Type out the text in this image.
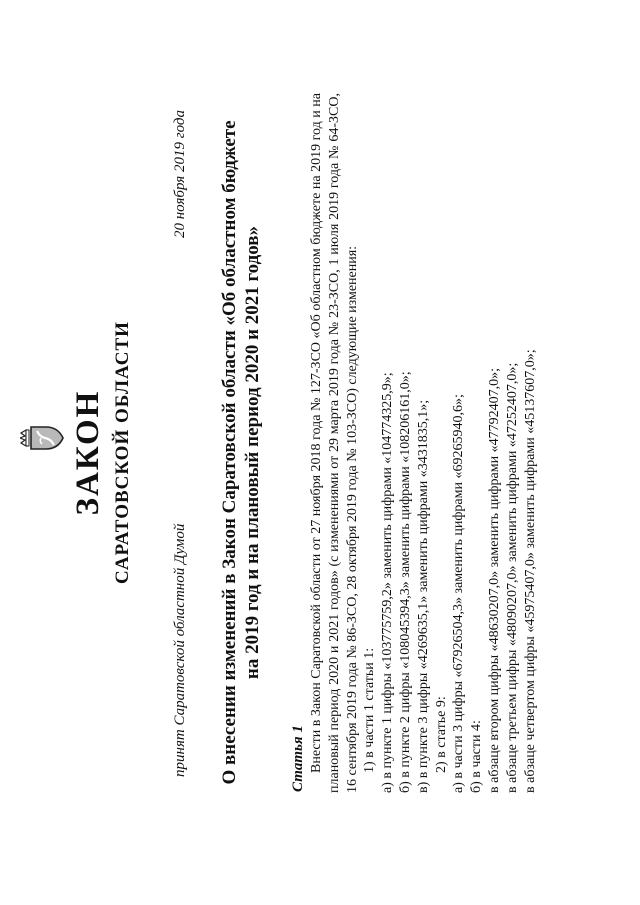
ЗАКОН САРАТОВСКОЙ ОБЛАСТИ
принят Саратовской областной Думой
20 ноября 2019 года О внесении изменений в Закон Саратовской области «Об областном бюджете на 2019 год и на плановый период 2020 и 2021 годов»
Статья 1 Внести в Закон Саратовской области от 27 ноября 2018 года № 127-ЗСО «Об областном бюджете на 2019 год и на плановый период 2020 и 2021 годов» (с изменениями от 29 марта 2019 года № 23-ЗСО, 1 июля 2019 года № 64-ЗСО, 16 сентября 2019 года № 86-ЗСО, 28 октября 2019 года № 103-ЗСО) следующие изменения: 1) в части 1 статьи 1: а) в пункте 1 цифры «103775759,2» заменить цифрами «104774325,9»; б) в пункте 2 цифры «108045394,3» заменить цифрами «108206161,0»; в) в пункте 3 цифры «4269635,1» заменить цифрами «3431835,1»; 2) в статье 9: а) в части 3 цифры «67926504,3» заменить цифрами «69265940,6»; б) в части 4: в абзаце втором цифры «48630207,0» заменить цифрами «47792407,0»; в абзаце третьем цифры «48090207,0» заменить цифрами «47252407,0»; в абзаце четвертом цифры «45975407,0» заменить цифрами «45137607,0»;
